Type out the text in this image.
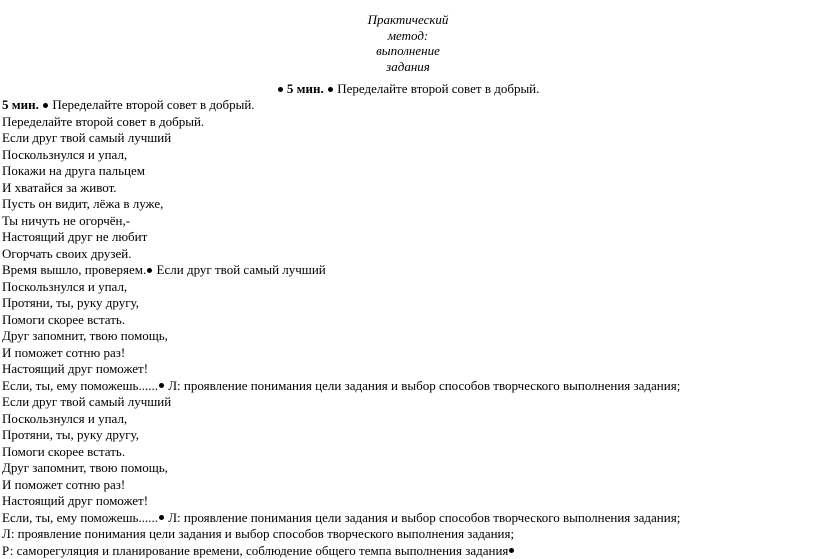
Практический
метод:
выполнение
задания
5 мин. Переделайте второй совет в добрый.
5 мин. Переделайте второй совет в добрый.
Переделайте второй совет в добрый.
Если друг твой самый лучший
Поскользнулся и упал,
Покажи на друга пальцем
И хватайся за живот.
Пусть он видит, лёжа в луже,
Ты ничуть не огорчён,-
Настоящий друг не любит
Огорчать своих друзей.
Время вышло, проверяем. Если друг твой самый лучший
Поскользнулся и упал,
Протяни, ты, руку другу,
Помоги скорее встать.
Друг запомнит, твою помощь,
И поможет сотню раз!
Настоящий друг поможет!
Если, ты, ему поможешь...... Л: проявление понимания цели задания и выбор способов творческого выполнения задания;
Если друг твой самый лучший
Поскользнулся и упал,
Протяни, ты, руку другу,
Помоги скорее встать.
Друг запомнит, твою помощь,
И поможет сотню раз!
Настоящий друг поможет!
Если, ты, ему поможешь...... Л: проявление понимания цели задания и выбор способов творческого выполнения задания;
Л: проявление понимания цели задания и выбор способов творческого выполнения задания;
Р: саморегуляция и планирование времени, соблюдение общего темпа выполнения задания
